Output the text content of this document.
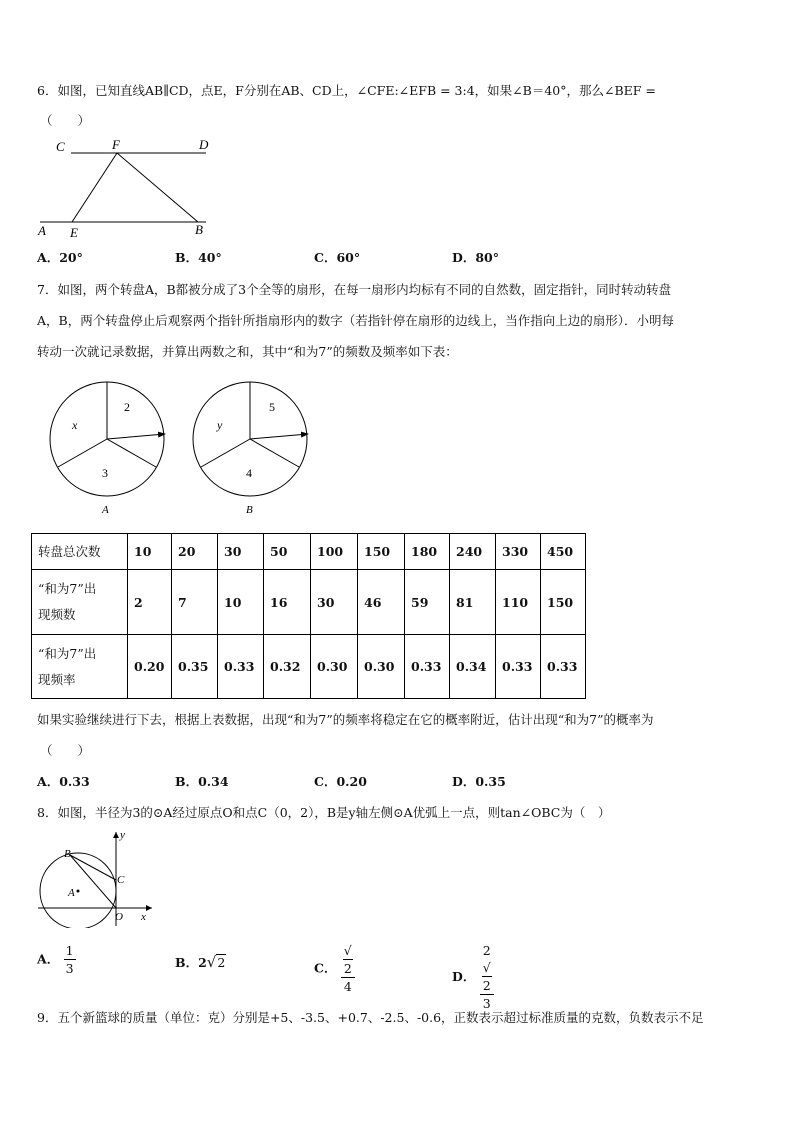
6．如图，已知直线AB∥CD，点E，F分别在AB、CD上，∠CFE:∠EFB = 3:4，如果∠B＝40°，那么∠BEF =
（　　）
C	F	D
A E	B
A．20°	B．40°	C．60°	D．80°
7．如图，两个转盘A，B都被分成了3个全等的扇形，在每一扇形内均标有不同的自然数，固定指针，同时转动转盘
A，B，两个转盘停止后观察两个指针所指扇形内的数字（若指针停在扇形的边线上，当作指向上边的扇形）．小明每
转动一次就记录数据，并算出两数之和，其中“和为7”的频数及频率如下表：
2
x
3
A
5
y
4
B
转盘总次数	10	20	30	50	100	150	180	240	330	450
“和为7”出
现频数	2	7	10	16	30	46	59	81	110	150
“和为7”出
现频率	0.20	0.35	0.33	0.32	0.30	0.30	0.33	0.34	0.33	0.33
如果实验继续进行下去，根据上表数据，出现“和为7”的频率将稳定在它的概率附近，估计出现“和为7”的概率为
（　　）
A．0.33	B．0.34	C．0.20	D．0.35
8．如图，半径为3的⊙A经过原点O和点C（0，2），B是y轴左侧⊙A优弧上一点，则tan∠OBC为（　）
B
C
A
O x
y
A． $\frac{1}{3}$	B．2√2	C． √
2
4	D． 2
√
2
3
9．五个新篮球的质量（单位：克）分别是+5、-3.5、+0.7、-2.5、-0.6，正数表示超过标准质量的克数，负数表示不足
